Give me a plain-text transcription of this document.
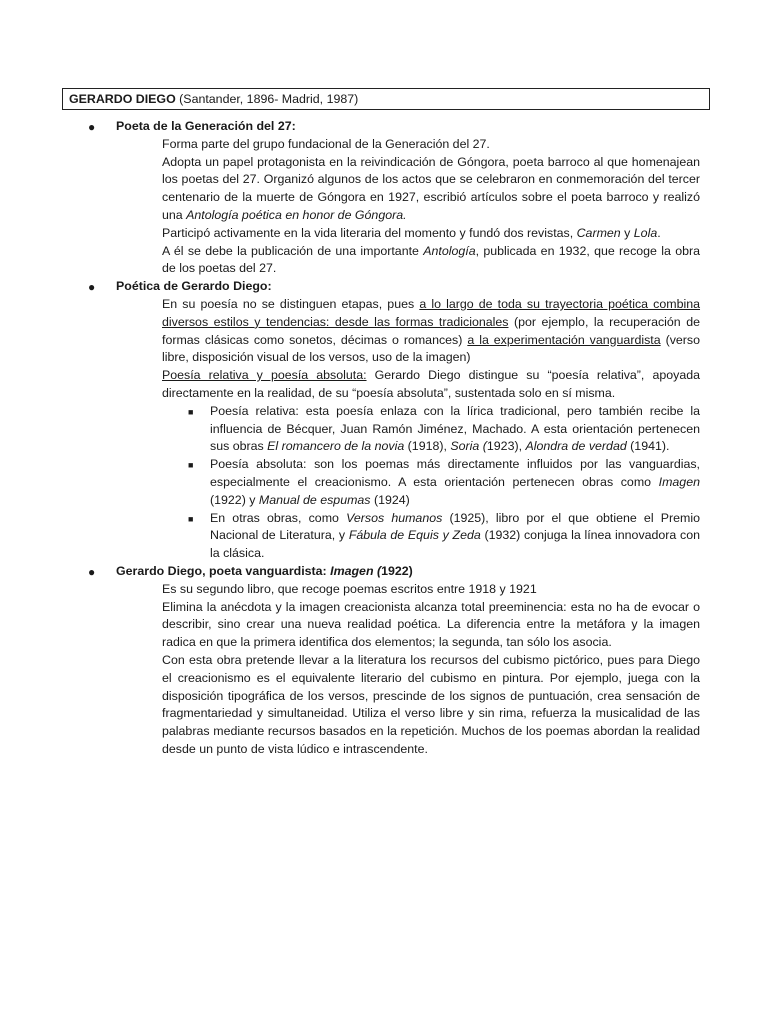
GERARDO DIEGO (Santander, 1896- Madrid, 1987)
●	Poeta de la Generación del 27:

Forma parte del grupo fundacional de la Generación del 27.

Adopta un papel protagonista en la reivindicación de Góngora, poeta barroco al que homenajean los poetas del 27. Organizó algunos de los actos que se celebraron en conmemoración del tercer centenario de la muerte de Góngora en 1927, escribió artículos sobre el poeta barroco y realizó una Antología poética en honor de Góngora.

Participó activamente en la vida literaria del momento y fundó dos revistas, Carmen y Lola.

A él se debe la publicación de una importante Antología, publicada en 1932, que recoge la obra de los poetas del 27.

●	Poética de Gerardo Diego:

En su poesía no se distinguen etapas, pues a lo largo de toda su trayectoria poética combina diversos estilos y tendencias: desde las formas tradicionales (por ejemplo, la recuperación de formas clásicas como sonetos, décimas o romances) a la experimentación vanguardista (verso libre, disposición visual de los versos, uso de la imagen)

Poesía relativa y poesía absoluta: Gerardo Diego distingue su “poesía relativa”, apoyada directamente en la realidad, de su “poesía absoluta”, sustentada solo en sí misma.

■ Poesía relativa: esta poesía enlaza con la lírica tradicional, pero también recibe la influencia de Bécquer, Juan Ramón Jiménez, Machado. A esta orientación pertenecen sus obras El romancero de la novia (1918), Soria (1923), Alondra de verdad (1941).

■ Poesía absoluta: son los poemas más directamente influidos por las vanguardias, especialmente el creacionismo. A esta orientación pertenecen obras como Imagen (1922) y Manual de espumas (1924)

■ En otras obras, como Versos humanos (1925), libro por el que obtiene el Premio Nacional de Literatura, y Fábula de Equis y Zeda (1932) conjuga la línea innovadora con la clásica.

●	Gerardo Diego, poeta vanguardista: Imagen (1922)

Es su segundo libro, que recoge poemas escritos entre 1918 y 1921

Elimina la anécdota y la imagen creacionista alcanza total preeminencia: esta no ha de evocar o describir, sino crear una nueva realidad poética. La diferencia entre la metáfora y la imagen radica en que la primera identifica dos elementos; la segunda, tan sólo los asocia.

Con esta obra pretende llevar a la literatura los recursos del cubismo pictórico, pues para Diego el creacionismo es el equivalente literario del cubismo en pintura. Por ejemplo, juega con la disposición tipográfica de los versos, prescinde de los signos de puntuación, crea sensación de fragmentariedad y simultaneidad. Utiliza el verso libre y sin rima, refuerza la musicalidad de las palabras mediante recursos basados en la repetición. Muchos de los poemas abordan la realidad desde un punto de vista lúdico e intrascendente.
